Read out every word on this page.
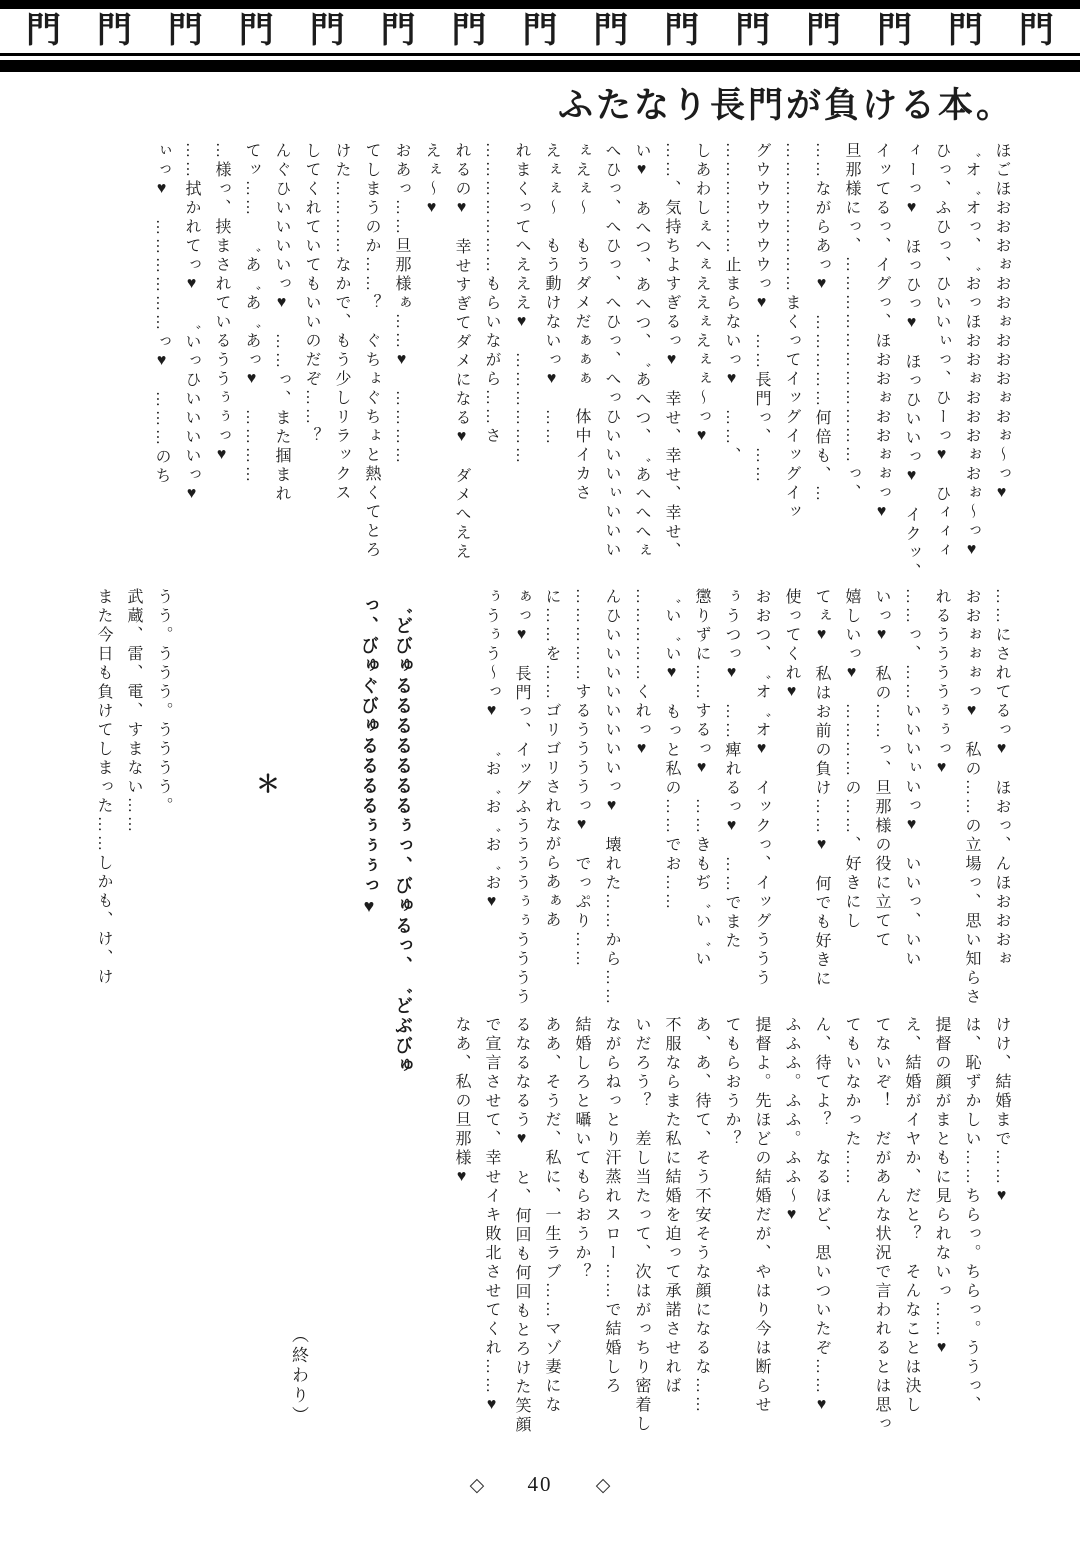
門 門 門 門 門 門 門 門 門 門 門 門 門 門 門
ふたなり長門が負ける本。
ほごほおおおぉおおぉおおおぉおぉ〜っ♥
゛オ゛オっ、゛おっほおおぉおおおぉおぉ〜っ♥
ひっ、ふひっ、ひいいぃっ、ひーっ♥　ひィィィ
ィーっ♥　ほっひっ♥　ほっひいいっ♥　イクッ、
イッてるっ、イグっ、ほおおぉおおぉぉっ♥
旦那様にっ、……………………………っ、
……ながらあっ♥　……………何倍も、…
……………………まくってイッグイッグイッ
グウウウウウウっ♥　……長門っ、……
………………止まらないっ♥　……、
しあわしぇへぇええぇえぇぇ〜っ♥
……、気持ちよすぎるっ♥　幸せ、幸せ、幸せ、
い♥　あへつ、あへつ、゛あへつ、゛あへへへぇ
へひっ、へひっ、へひっ、へっひいいいぃいいい
ぇえぇ〜　もうダメだぁぁぁ　体中イカさ
えぇぇ〜　もう動けないっ♥　……
れまくってへえええ♥　………………
…………………もらいながら……さ
れるの♥　幸せすぎてダメになる♥　ダメへええ
えぇ〜♥
おあっ……旦那様ぁ……♥　…………
てしまうのか……？　ぐちょぐちょと熱くてとろ
けた…………なかで、もう少しリラックス
してくれていてもいいのだぞ……？
んぐひいいいいっ♥　……っ、また掴まれ
てッ……　゛あ゛あ゛あっ♥　…………
…様っ、挟まされているううぅぅっ♥
……拭かれてっ♥　゛いっひいいいいっ♥
ぃっ♥　………………っ♥　………のち
……にされてるっ♥　ほおっ、んほおおおぉ
おおぉぉぉっ♥　私の……の立場っ、思い知らさ
れるううううぅぅっ♥
……っ、……いいいぃいっ♥　いいっ、いい
いっ♥　私の……っ、旦那様の役に立てて
嬉しいっ♥　…………の……、好きにし
てぇ♥　私はお前の負け……♥　何でも好きに
使ってくれ♥
おおつ、゛オ゛オ♥　イックっ、イッグううう
ぅうつっ♥　……痺れるっ♥　……でまた
懲りずに……するっ♥　……きもぢ゛い゛い
゛い゛い♥　もっと私の……でお……
……………くれっ♥
んひいいいいいいいいっ♥　壊れた……から……
……………するううううっ♥　でっぷり……
に……を……ゴリゴリされながらあぁあ
ぁっ♥　長門っ、イッグふううううぅぅうううう
ぅうぅう〜っ♥　゛お゛お゛お゛お♥
゛どびゅるるるるるるるぅっ、びゅるっ、゛どぶびゅ
っ、びゅぐびゅるるるるぅぅぅっ♥
うう。ううう。うううう。
武蔵、雷、電、すまない……
また今日も負けてしまった……しかも、け、け	＊
けけ、結婚まで……♥
は、恥ずかしい……ちらっ。ちらっ。ううっ、
提督の顔がまともに見られないっ……♥
え、結婚がイヤか、だと？　そんなことは決し
てないぞ！　だがあんな状況で言われるとは思っ
てもいなかった……
ん、待てよ？　なるほど、思いついたぞ……♥
ふふふ。ふふ。ふふ〜♥
提督よ。先ほどの結婚だが、やはり今は断らせ
てもらおうか？
あ、あ、待て、そう不安そうな顔になるな……
不服ならまた私に結婚を迫って承諾させれば
いだろう？　差し当たって、次はがっちり密着し
ながらねっとり汗蒸れスロー……で結婚しろ
結婚しろと囁いてもらおうか？
ああ、そうだ、私に、一生ラブ……マゾ妻にな
るなるなるう♥　と、何回も何回もとろけた笑顔
で宣言させて、幸せイキ敗北させてくれ……♥
なあ、私の旦那様♥
（終わり）
◇ 40 ◇
